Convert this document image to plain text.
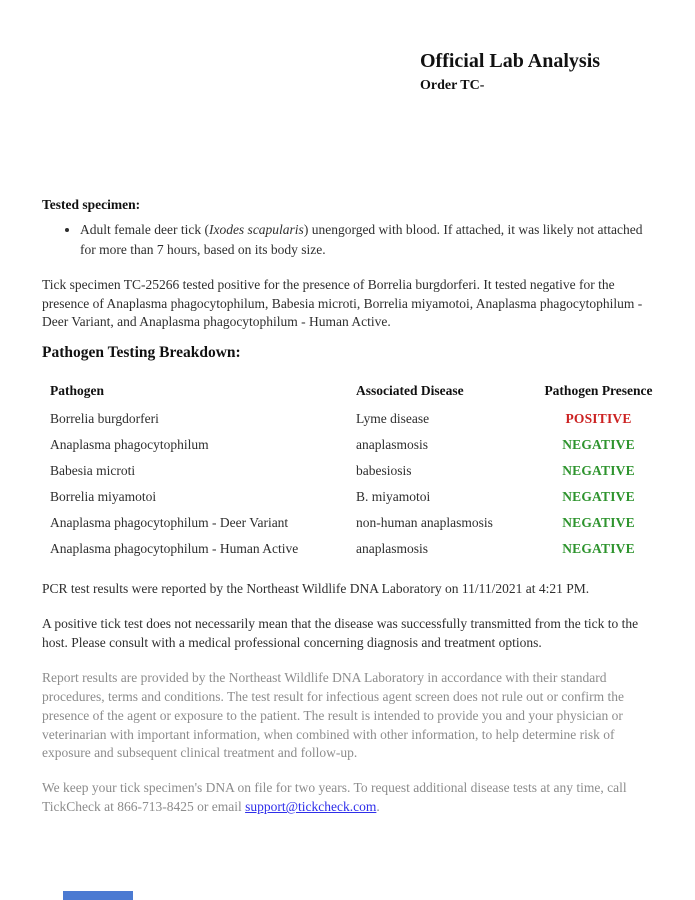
Official Lab Analysis
Order TC-
Tested specimen:
• Adult female deer tick (Ixodes scapularis) unengorged with blood. If attached, it was likely not attached for more than 7 hours, based on its body size.

Tick specimen TC-25266 tested positive for the presence of Borrelia burgdorferi. It tested negative for the presence of Anaplasma phagocytophilum, Babesia microti, Borrelia miyamotoi, Anaplasma phagocytophilum - Deer Variant, and Anaplasma phagocytophilum - Human Active.

Pathogen Testing Breakdown:
Pathogen	Associated Disease	Pathogen Presence
Borrelia burgdorferi	Lyme disease	POSITIVE
Anaplasma phagocytophilum	anaplasmosis	NEGATIVE
Babesia microti	babesiosis	NEGATIVE
Borrelia miyamotoi	B. miyamotoi	NEGATIVE
Anaplasma phagocytophilum - Deer Variant	non-human anaplasmosis	NEGATIVE
Anaplasma phagocytophilum - Human Active	anaplasmosis	NEGATIVE

PCR test results were reported by the Northeast Wildlife DNA Laboratory on 11/11/2021 at 4:21 PM.

A positive tick test does not necessarily mean that the disease was successfully transmitted from the tick to the host. Please consult with a medical professional concerning diagnosis and treatment options.

Report results are provided by the Northeast Wildlife DNA Laboratory in accordance with their standard procedures, terms and conditions. The test result for infectious agent screen does not rule out or confirm the presence of the agent or exposure to the patient. The result is intended to provide you and your physician or veterinarian with important information, when combined with other information, to help determine risk of exposure and subsequent clinical treatment and follow-up.

We keep your tick specimen's DNA on file for two years. To request additional disease tests at any time, call TickCheck at 866-713-8425 or email support@tickcheck.com.
